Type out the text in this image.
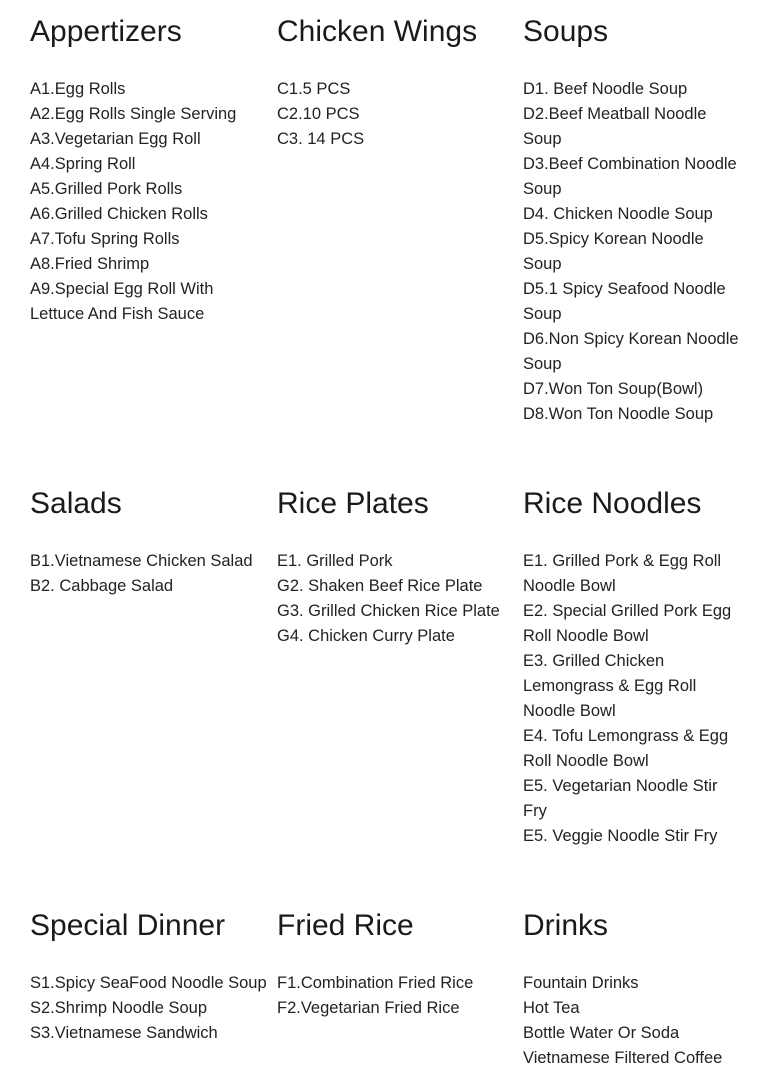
Appertizers
A1.Egg Rolls
A2.Egg Rolls Single Serving
A3.Vegetarian Egg Roll
A4.Spring Roll
A5.Grilled Pork Rolls
A6.Grilled Chicken Rolls
A7.Tofu Spring Rolls
A8.Fried Shrimp
A9.Special Egg Roll With Lettuce And Fish Sauce
Chicken Wings
C1.5 PCS
C2.10 PCS
C3. 14 PCS
Soups
D1. Beef Noodle Soup
D2.Beef Meatball Noodle Soup
D3.Beef Combination Noodle Soup
D4. Chicken Noodle Soup
D5.Spicy Korean Noodle Soup
D5.1 Spicy Seafood Noodle Soup
D6.Non Spicy Korean Noodle Soup
D7.Won Ton Soup(Bowl)
D8.Won Ton Noodle Soup
Salads
B1.Vietnamese Chicken Salad
B2. Cabbage Salad
Rice Plates
E1. Grilled Pork
G2. Shaken Beef Rice Plate
G3. Grilled Chicken Rice Plate
G4. Chicken Curry Plate
Rice Noodles
E1. Grilled Pork & Egg Roll Noodle Bowl
E2. Special Grilled Pork Egg Roll Noodle Bowl
E3. Grilled Chicken Lemongrass & Egg Roll Noodle Bowl
E4. Tofu Lemongrass & Egg Roll Noodle Bowl
E5. Vegetarian Noodle Stir Fry
E5. Veggie Noodle Stir Fry
Special Dinner
S1.Spicy SeaFood Noodle Soup
S2.Shrimp Noodle Soup
S3.Vietnamese Sandwich
Fried Rice
F1.Combination Fried Rice
F2.Vegetarian Fried Rice
Drinks
Fountain Drinks
Hot Tea
Bottle Water Or Soda
Vietnamese Filtered Coffee
